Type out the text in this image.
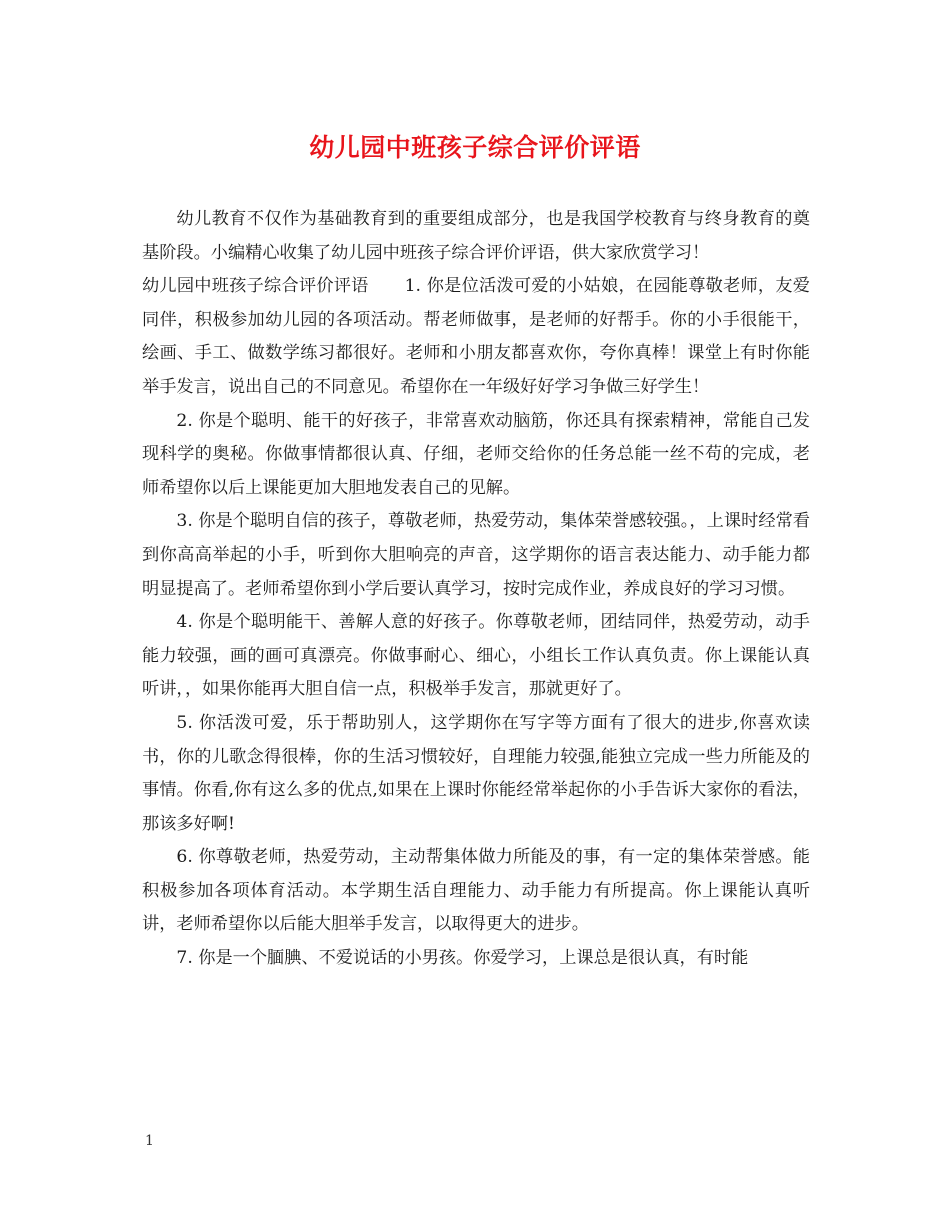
幼儿园中班孩子综合评价评语

幼儿教育不仅作为基础教育到的重要组成部分，也是我国学校教育与终身教育的奠基阶段。小编精心收集了幼儿园中班孩子综合评价评语，供大家欣赏学习！

幼儿园中班孩子综合评价评语 1. 你是位活泼可爱的小姑娘，在园能尊敬老师，友爱同伴，积极参加幼儿园的各项活动。帮老师做事，是老师的好帮手。你的小手很能干，绘画、手工、做数学练习都很好。老师和小朋友都喜欢你，夸你真棒！课堂上有时你能举手发言，说出自己的不同意见。希望你在一年级好好学习争做三好学生！

2. 你是个聪明、能干的好孩子，非常喜欢动脑筋，你还具有探索精神，常能自己发现科学的奥秘。你做事情都很认真、仔细，老师交给你的任务总能一丝不苟的完成，老师希望你以后上课能更加大胆地发表自己的见解。

3. 你是个聪明自信的孩子，尊敬老师，热爱劳动，集体荣誉感较强。，上课时经常看到你高高举起的小手，听到你大胆响亮的声音，这学期你的语言表达能力、动手能力都明显提高了。老师希望你到小学后要认真学习，按时完成作业，养成良好的学习习惯。

4. 你是个聪明能干、善解人意的好孩子。你尊敬老师，团结同伴，热爱劳动，动手能力较强，画的画可真漂亮。你做事耐心、细心，小组长工作认真负责。你上课能认真听讲，，如果你能再大胆自信一点，积极举手发言，那就更好了。

5. 你活泼可爱，乐于帮助别人，这学期你在写字等方面有了很大的进步,你喜欢读书，你的儿歌念得很棒，你的生活习惯较好，自理能力较强,能独立完成一些力所能及的事情。你看,你有这么多的优点,如果在上课时你能经常举起你的小手告诉大家你的看法，那该多好啊!

6. 你尊敬老师，热爱劳动，主动帮集体做力所能及的事，有一定的集体荣誉感。能积极参加各项体育活动。本学期生活自理能力、动手能力有所提高。你上课能认真听讲，老师希望你以后能大胆举手发言，以取得更大的进步。

7. 你是一个腼腆、不爱说话的小男孩。你爱学习，上课总是很认真，有时能

1
